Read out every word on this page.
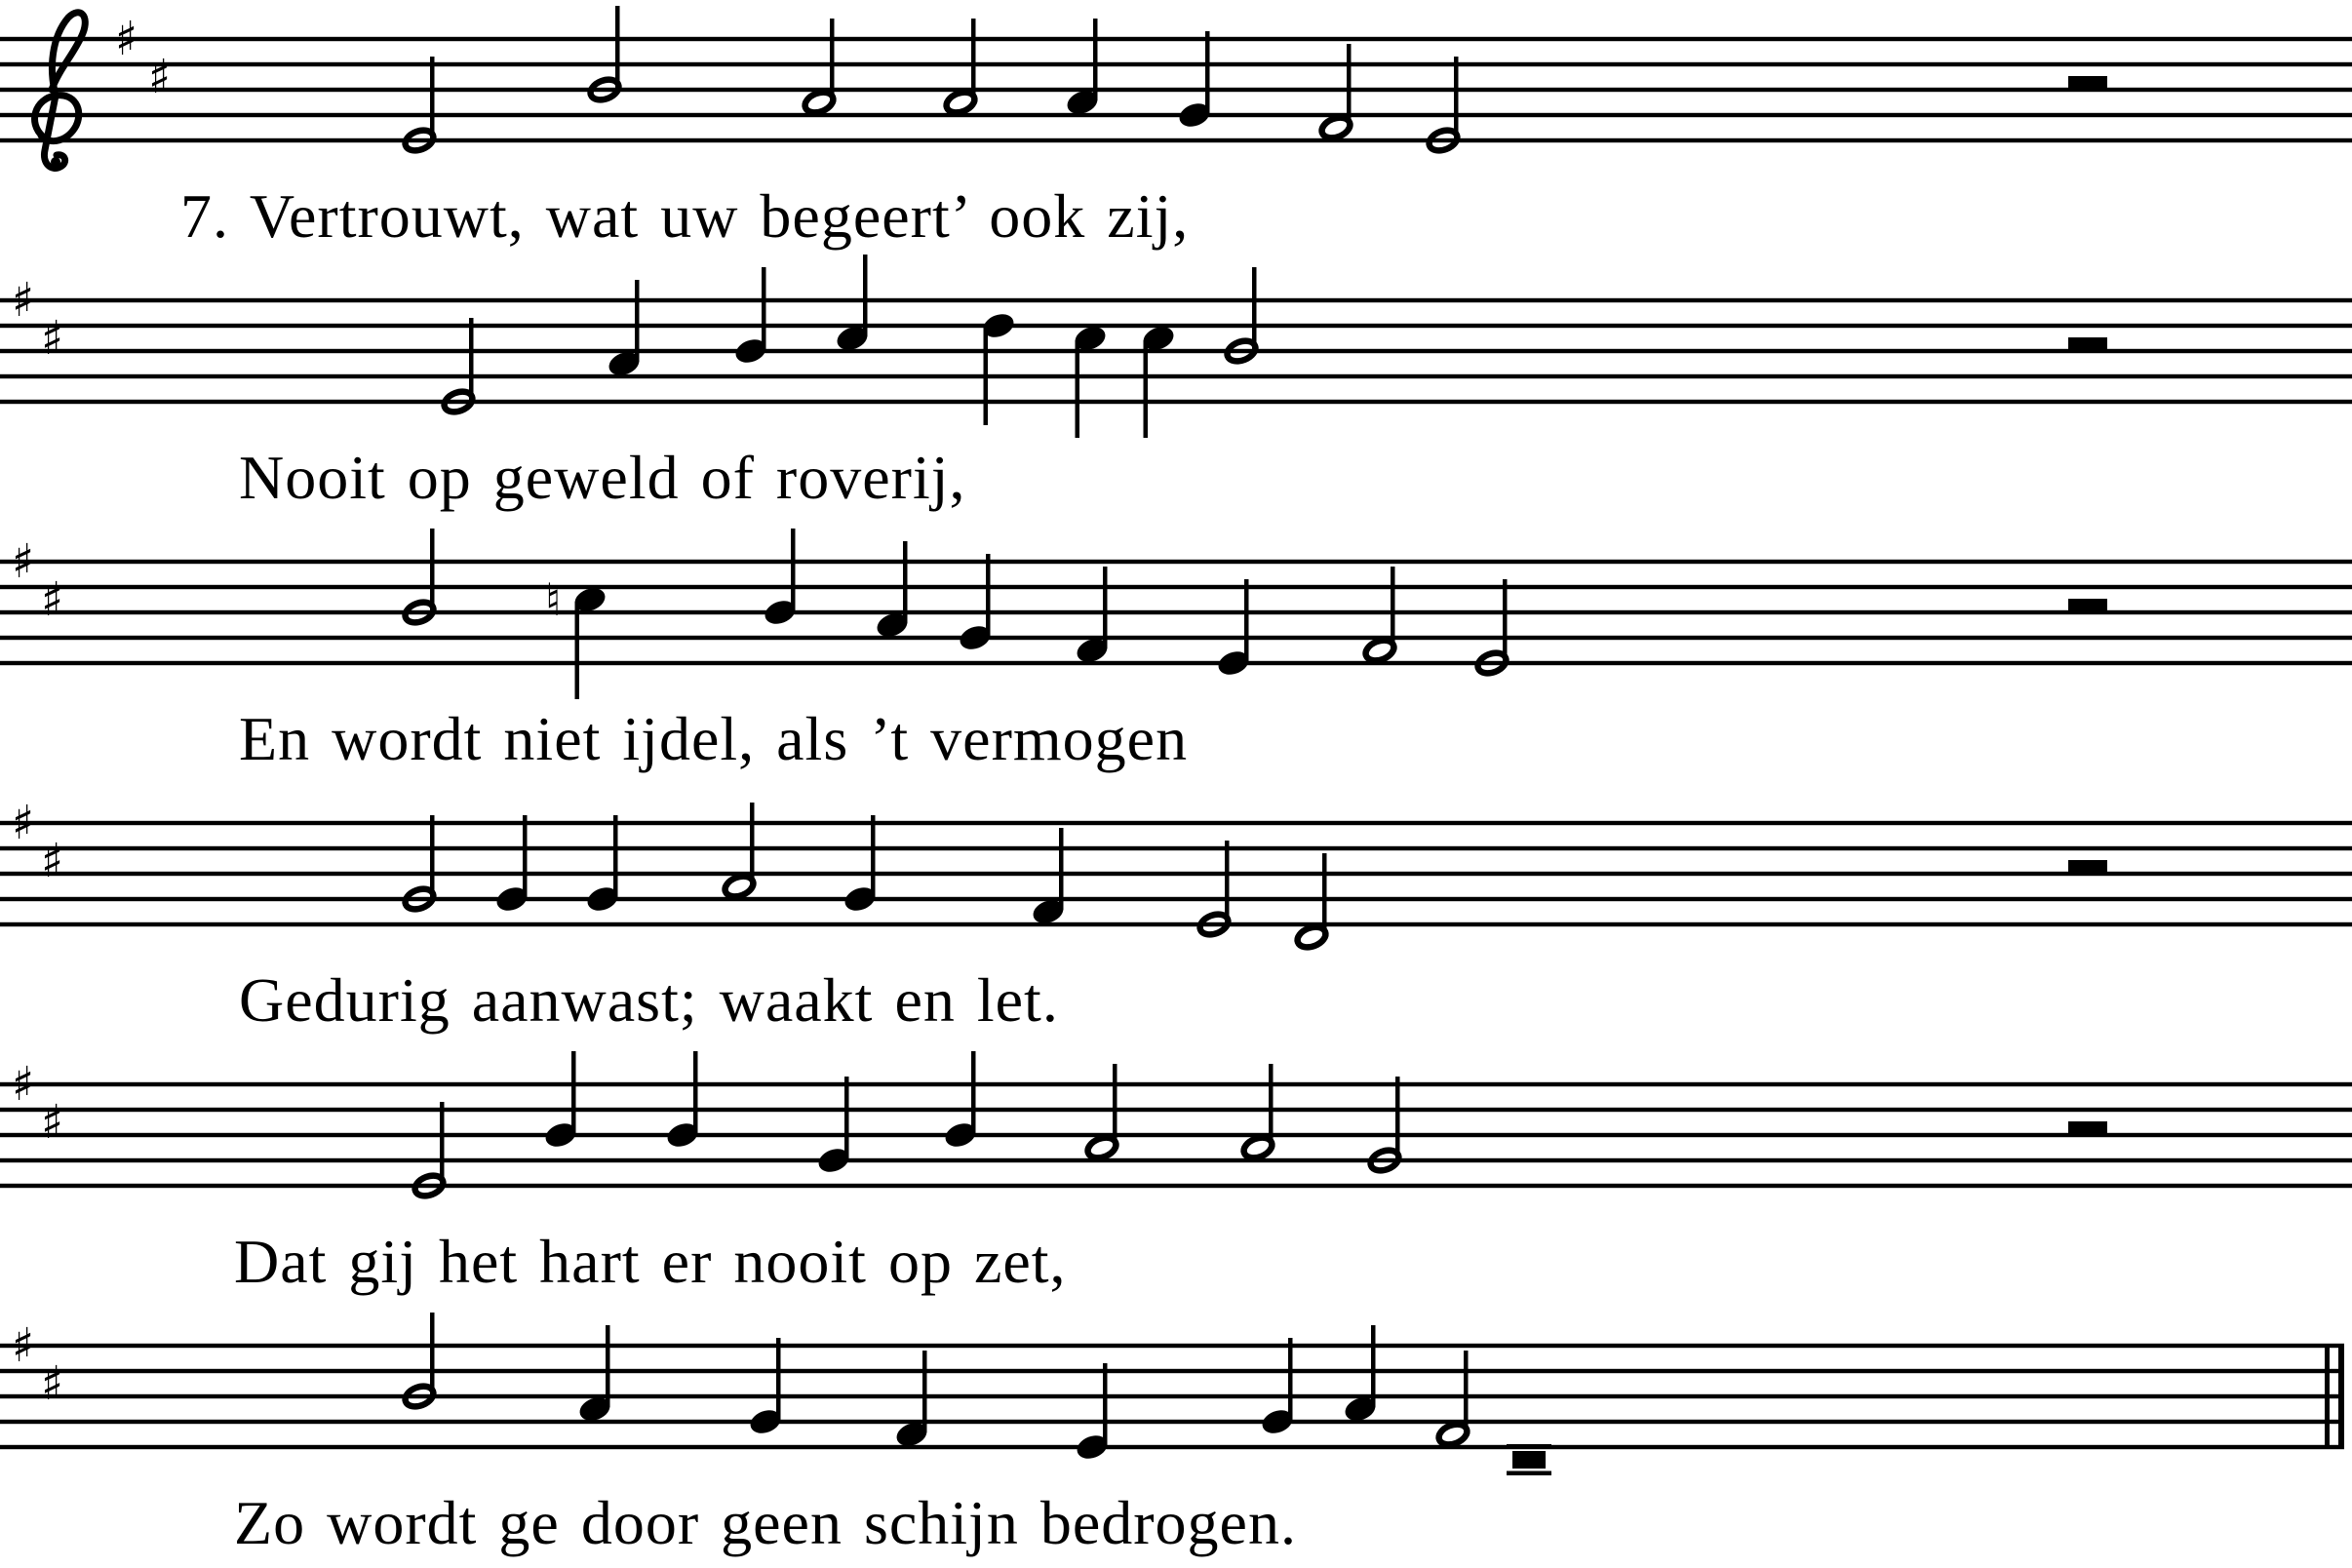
♯
♯
7. Vertrouwt, wat uw begeert’ ook zij,
♯
♯
Nooit op geweld of roverij,
♯
♯	♮
En wordt niet ijdel, als ’t vermogen
♯
♯
Gedurig aanwast; waakt en let.
♯
♯
Dat gij het hart er nooit op zet,
♯
♯
Zo wordt ge door geen schijn bedrogen.
